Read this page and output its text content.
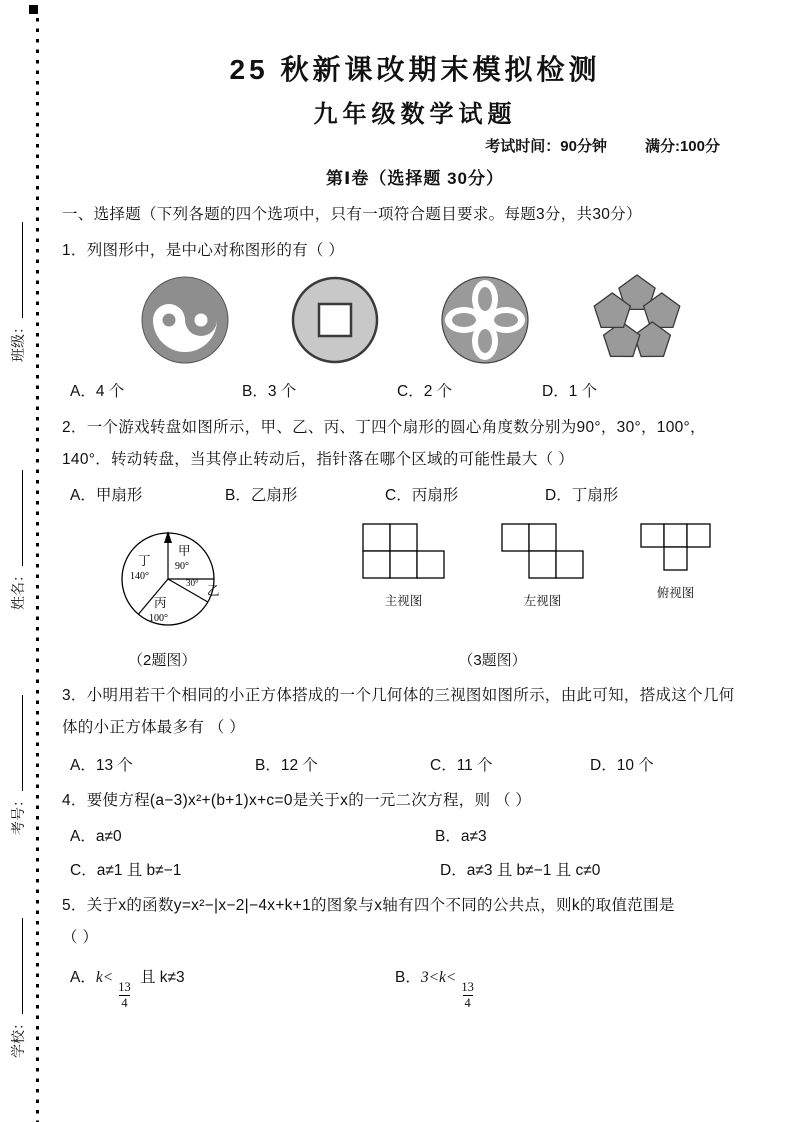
班级：
姓名：
考号：
学校：
25 秋新课改期末模拟检测
九年级数学试题
考试时间：90分钟	满分:100分
第Ⅰ卷（选择题 30分）
一、选择题（下列各题的四个选项中，只有一项符合题目要求。每题3分，共30分）
1．列图形中，是中心对称图形的有（ ）
A．4 个	B．3 个	C．2 个	D．1 个
2．一个游戏转盘如图所示，甲、乙、丙、丁四个扇形的圆心角度数分别为90°，30°，100°，
140°．转动转盘，当其停止转动后，指针落在哪个区域的可能性最大（ ）
A．甲扇形	B．乙扇形	C．丙扇形	D．丁扇形
甲
90°
乙
30°
丙
100°
丁
140°
主视图	左视图
俯视图
（2题图）	（3题图）
3．小明用若干个相同的小正方体搭成的一个几何体的三视图如图所示，由此可知，搭成这个几何
体的小正方体最多有 （ ）
A．13 个	B．12 个	C．11 个	D．10 个
4．要使方程(a−3)x²+(b+1)x+c=0是关于x的一元二次方程，则 （ ）
A．a≠0	B．a≠3
C．a≠1 且 b≠−1	D．a≠3 且 b≠−1 且 c≠0
5．关于x的函数y=x²−|x−2|−4x+k+1的图象与x轴有四个不同的公共点，则k的取值范围是
（ ）
A．k<
$\frac{13}{4}$
且 k≠3	B．3<k<
$\frac{13}{4}$
